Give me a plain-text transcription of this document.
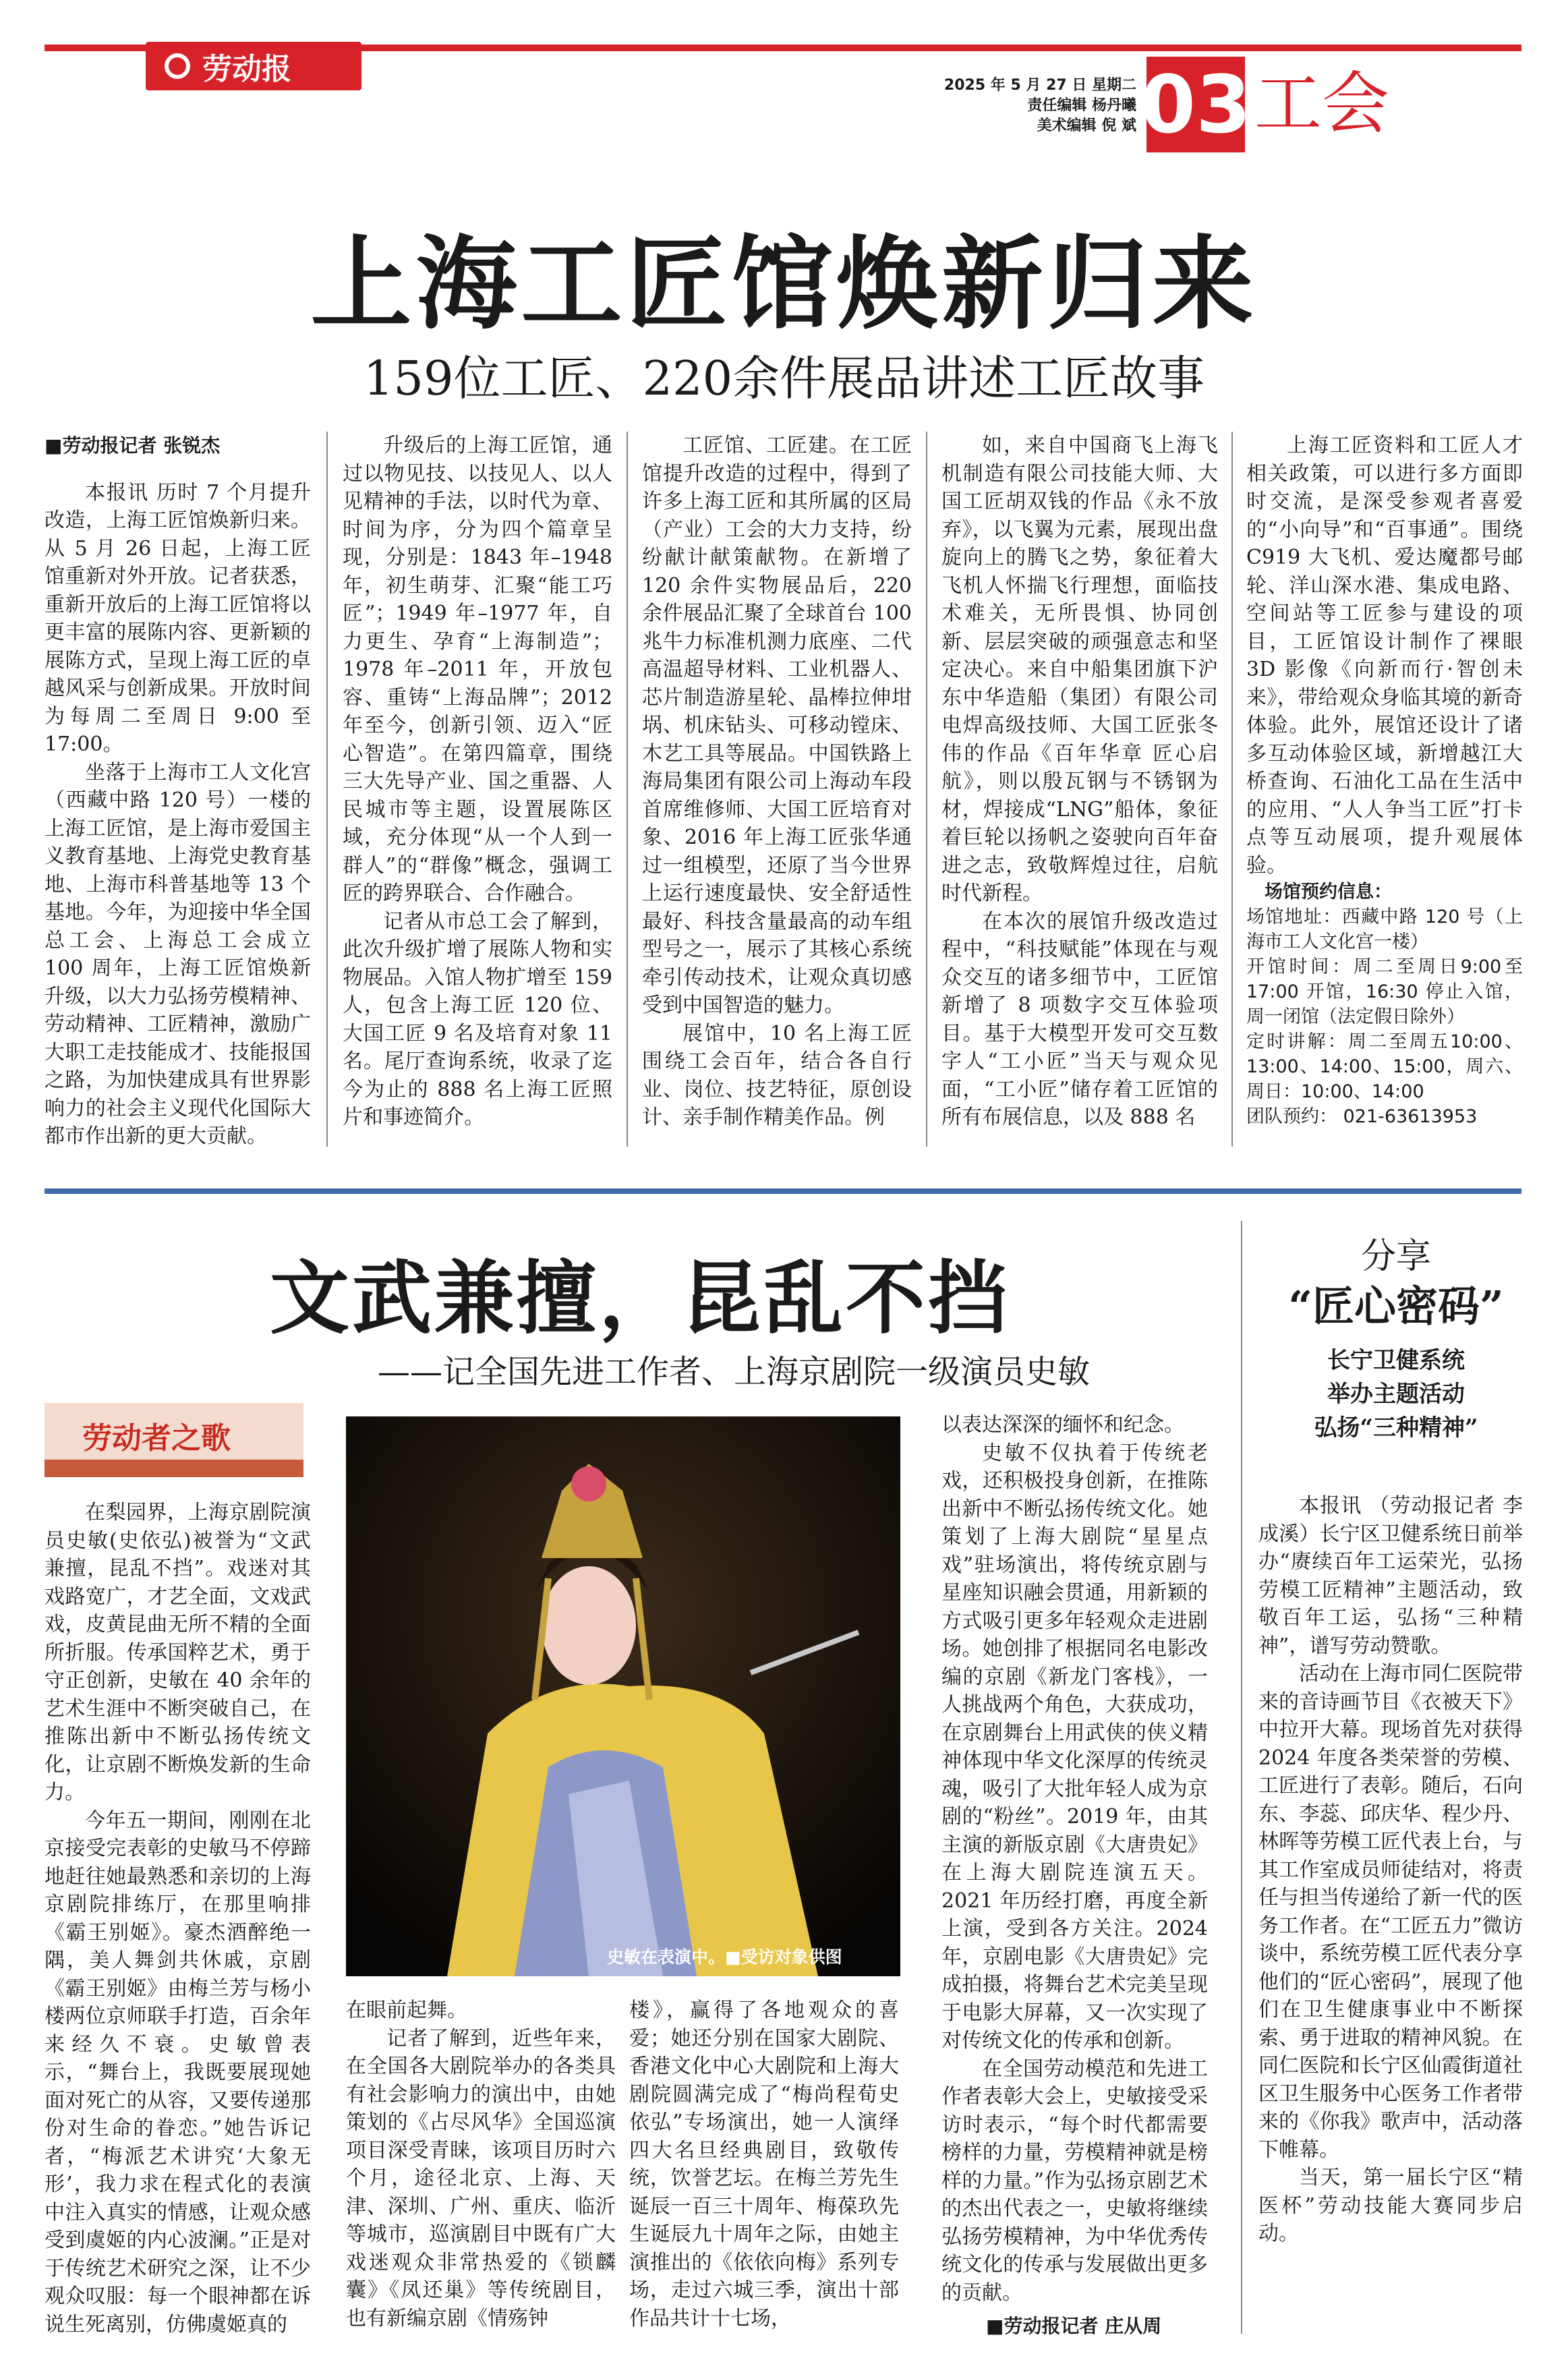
劳动报	2025 年 5 月 27 日 星期二
责任编辑 杨丹曦
美术编辑 倪 斌 03 工会
上海工匠馆焕新归来
159位工匠、220余件展品讲述工匠故事
■劳动报记者 张锐杰

本报讯 历时 7 个月提升改造，上海工匠馆焕新归来。从 5 月 26 日起，上海工匠馆重新对外开放。记者获悉，重新开放后的上海工匠馆将以更丰富的展陈内容、更新颖的展陈方式，呈现上海工匠的卓越风采与创新成果。开放时间为每周二至周日 9:00 至 17:00。

坐落于上海市工人文化宫（西藏中路 120 号）一楼的上海工匠馆，是上海市爱国主义教育基地、上海党史教育基地、上海市科普基地等 13 个基地。今年，为迎接中华全国总工会、上海总工会成立 100 周年，上海工匠馆焕新升级，以大力弘扬劳模精神、劳动精神、工匠精神，激励广大职工走技能成才、技能报国之路，为加快建成具有世界影响力的社会主义现代化国际大都市作出新的更大贡献。

升级后的上海工匠馆，通过以物见技、以技见人、以人见精神的手法，以时代为章、时间为序，分为四个篇章呈现，分别是：1843 年–1948 年，初生萌芽、汇聚“能工巧匠”；1949 年–1977 年，自力更生、孕育“上海制造”；1978 年–2011 年，开放包容、重铸“上海品牌”；2012 年至今，创新引领、迈入“匠心智造”。在第四篇章，围绕三大先导产业、国之重器、人民城市等主题，设置展陈区域，充分体现“从一个人到一群人”的“群像”概念，强调工匠的跨界联合、合作融合。

记者从市总工会了解到，此次升级扩增了展陈人物和实物展品。入馆人物扩增至 159 人，包含上海工匠 120 位、大国工匠 9 名及培育对象 11 名。尾厅查询系统，收录了迄今为止的 888 名上海工匠照片和事迹简介。

工匠馆、工匠建。在工匠馆提升改造的过程中，得到了许多上海工匠和其所属的区局（产业）工会的大力支持，纷纷献计献策献物。在新增了 120 余件实物展品后，220 余件展品汇聚了全球首台 100 兆牛力标准机测力底座、二代高温超导材料、工业机器人、芯片制造游星轮、晶棒拉伸坩埚、机床钻头、可移动镗床、木艺工具等展品。中国铁路上海局集团有限公司上海动车段首席维修师、大国工匠培育对象、2016 年上海工匠张华通过一组模型，还原了当今世界上运行速度最快、安全舒适性最好、科技含量最高的动车组型号之一，展示了其核心系统牵引传动技术，让观众真切感受到中国智造的魅力。

展馆中，10 名上海工匠围绕工会百年，结合各自行业、岗位、技艺特征，原创设计、亲手制作精美作品。例

如，来自中国商飞上海飞机制造有限公司技能大师、大国工匠胡双钱的作品《永不放弃》，以飞翼为元素，展现出盘旋向上的腾飞之势，象征着大飞机人怀揣飞行理想，面临技术难关，无所畏惧、协同创新、层层突破的顽强意志和坚定决心。来自中船集团旗下沪东中华造船（集团）有限公司电焊高级技师、大国工匠张冬伟的作品《百年华章 匠心启航》，则以殷瓦钢与不锈钢为材，焊接成“LNG”船体，象征着巨轮以扬帆之姿驶向百年奋进之志，致敬辉煌过往，启航时代新程。

在本次的展馆升级改造过程中，“科技赋能”体现在与观众交互的诸多细节中，工匠馆新增了 8 项数字交互体验项目。基于大模型开发可交互数字人“工小匠”当天与观众见面，“工小匠”储存着工匠馆的所有布展信息，以及 888 名

上海工匠资料和工匠人才相关政策，可以进行多方面即时交流，是深受参观者喜爱的“小向导”和“百事通”。围绕 C919 大飞机、爱达魔都号邮轮、洋山深水港、集成电路、空间站等工匠参与建设的项目，工匠馆设计制作了裸眼 3D 影像《向新而行·智创未来》，带给观众身临其境的新奇体验。此外，展馆还设计了诸多互动体验区域，新增越江大桥查询、石油化工品在生活中的应用、“人人争当工匠”打卡点等互动展项，提升观展体验。

场馆预约信息：
场馆地址：西藏中路 120 号（上海市工人文化宫一楼）
开馆时间：周二至周日9:00至 17:00 开馆，16:30 停止入馆，周一闭馆（法定假日除外）
定时讲解：周二至周五10:00、13:00、14:00、15:00，周六、周日：10:00、14:00
团队预约： 021-63613953
文武兼擅，昆乱不挡
——记全国先进工作者、上海京剧院一级演员史敏
劳动者之歌

在梨园界，上海京剧院演员史敏(史依弘)被誉为“文武兼擅，昆乱不挡”。戏迷对其戏路宽广，才艺全面，文戏武戏，皮黄昆曲无所不精的全面所折服。传承国粹艺术，勇于守正创新，史敏在 40 余年的艺术生涯中不断突破自己，在推陈出新中不断弘扬传统文化，让京剧不断焕发新的生命力。

今年五一期间，刚刚在北京接受完表彰的史敏马不停蹄地赶往她最熟悉和亲切的上海京剧院排练厅，在那里响排《霸王别姬》。豪杰酒醉绝一隅，美人舞剑共休戚，京剧《霸王别姬》由梅兰芳与杨小楼两位京师联手打造，百余年来经久不衰。史敏曾表示，“舞台上，我既要展现她面对死亡的从容，又要传递那份对生命的眷恋。”她告诉记者，“梅派艺术讲究‘大象无形’，我力求在程式化的表演中注入真实的情感，让观众感受到虞姬的内心波澜。”正是对于传统艺术研究之深，让不少观众叹服：每一个眼神都在诉说生死离别，仿佛虞姬真的

史敏在表演中。■受访对象供图

在眼前起舞。

记者了解到，近些年来，在全国各大剧院举办的各类具有社会影响力的演出中，由她策划的《占尽风华》全国巡演项目深受青睐，该项目历时六个月，途径北京、上海、天津、深圳、广州、重庆、临沂等城市，巡演剧目中既有广大戏迷观众非常热爱的《锁麟囊》《凤还巢》等传统剧目，也有新编京剧《情殇钟

楼》，赢得了各地观众的喜爱；她还分别在国家大剧院、香港文化中心大剧院和上海大剧院圆满完成了“梅尚程荀史依弘”专场演出，她一人演绎四大名旦经典剧目，致敬传统，饮誉艺坛。在梅兰芳先生诞辰一百三十周年、梅葆玖先生诞辰九十周年之际，由她主演推出的《依依向梅》系列专场，走过六城三季，演出十部作品共计十七场，

以表达深深的缅怀和纪念。

史敏不仅执着于传统老戏，还积极投身创新，在推陈出新中不断弘扬传统文化。她策划了上海大剧院“星星点戏”驻场演出，将传统京剧与星座知识融会贯通，用新颖的方式吸引更多年轻观众走进剧场。她创排了根据同名电影改编的京剧《新龙门客栈》，一人挑战两个角色，大获成功，在京剧舞台上用武侠的侠义精神体现中华文化深厚的传统灵魂，吸引了大批年轻人成为京剧的“粉丝”。2019 年，由其主演的新版京剧《大唐贵妃》在上海大剧院连演五天。2021 年历经打磨，再度全新上演，受到各方关注。2024 年，京剧电影《大唐贵妃》完成拍摄，将舞台艺术完美呈现于电影大屏幕，又一次实现了对传统文化的传承和创新。

在全国劳动模范和先进工作者表彰大会上，史敏接受采访时表示，“每个时代都需要榜样的力量，劳模精神就是榜样的力量。”作为弘扬京剧艺术的杰出代表之一，史敏将继续弘扬劳模精神，为中华优秀传统文化的传承与发展做出更多的贡献。

■劳动报记者 庄从周
分享
“匠心密码”
长宁卫健系统
举办主题活动
弘扬“三种精神”

本报讯 （劳动报记者 李成溪）长宁区卫健系统日前举办“赓续百年工运荣光，弘扬劳模工匠精神”主题活动，致敬百年工运，弘扬“三种精神”，谱写劳动赞歌。

活动在上海市同仁医院带来的音诗画节目《衣被天下》中拉开大幕。现场首先对获得 2024 年度各类荣誉的劳模、工匠进行了表彰。随后，石向东、李蕊、邱庆华、程少丹、林晖等劳模工匠代表上台，与其工作室成员师徒结对，将责任与担当传递给了新一代的医务工作者。在“工匠五力”微访谈中，系统劳模工匠代表分享他们的“匠心密码”，展现了他们在卫生健康事业中不断探索、勇于进取的精神风貌。在同仁医院和长宁区仙霞街道社区卫生服务中心医务工作者带来的《你我》歌声中，活动落下帷幕。

当天，第一届长宁区“精医杯”劳动技能大赛同步启动。
